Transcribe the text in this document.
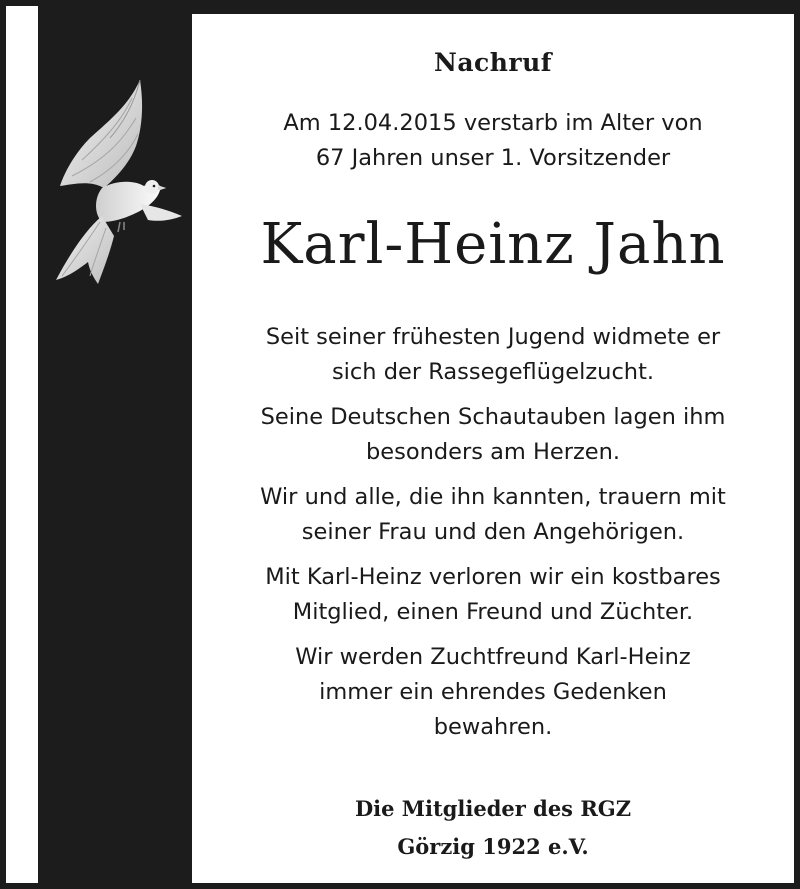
Nachruf
Am 12.04.2015 verstarb im Alter von
67 Jahren unser 1. Vorsitzender
Karl-Heinz Jahn
Seit seiner frühesten Jugend widmete er
sich der Rassegeflügelzucht.
Seine Deutschen Schautauben lagen ihm
besonders am Herzen.
Wir und alle, die ihn kannten, trauern mit
seiner Frau und den Angehörigen.
Mit Karl-Heinz verloren wir ein kostbares
Mitglied, einen Freund und Züchter.
Wir werden Zuchtfreund Karl-Heinz
immer ein ehrendes Gedenken
bewahren.
Die Mitglieder des RGZ
Görzig 1922 e.V.
